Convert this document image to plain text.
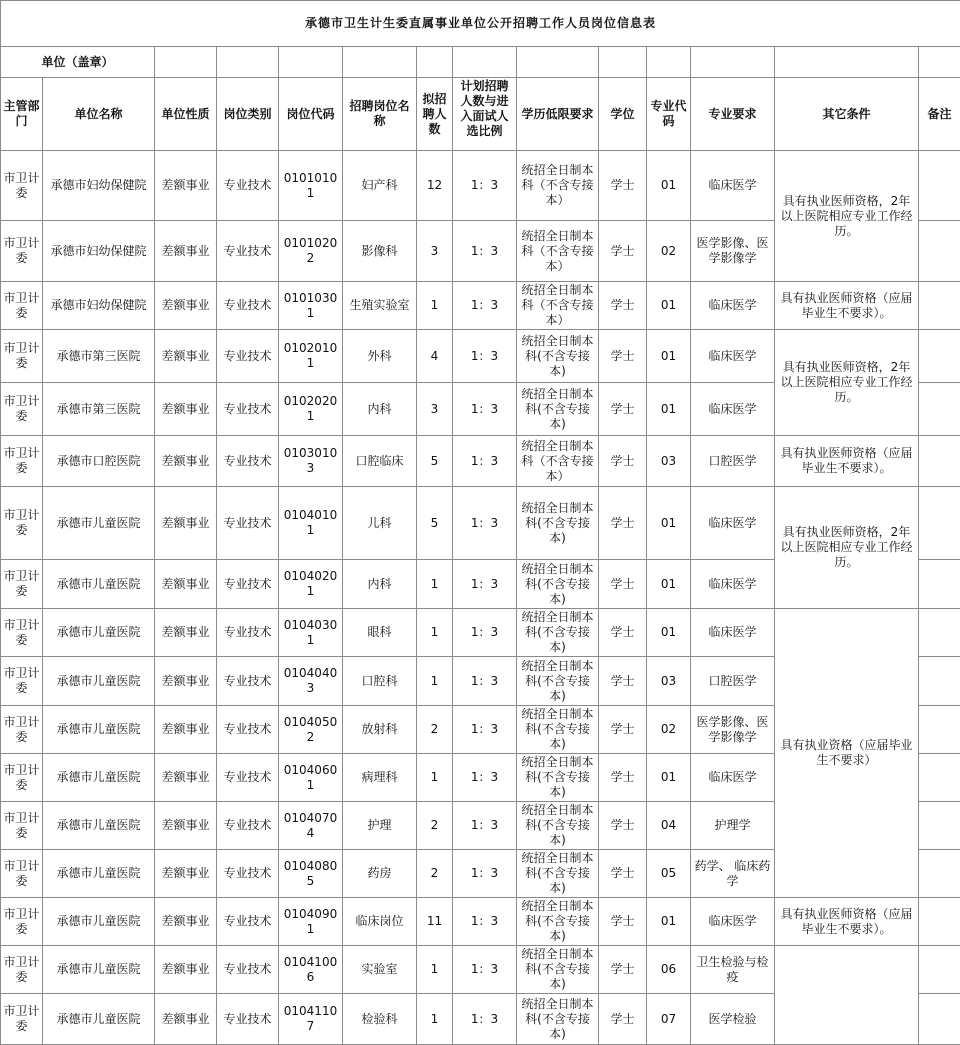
承德市卫生计生委直属事业单位公开招聘工作人员岗位信息表													
单位（盖章）													
主管部门	单位名称	单位性质	岗位类别	岗位代码	招聘岗位名称	拟招聘人数	计划招聘人数与进入面试人选比例	学历低限要求	学位	专业代码	专业要求	其它条件	备注
市卫计委	承德市妇幼保健院	差额事业	专业技术	01010101	妇产科	12	1：3	统招全日制本科（不含专接本）	学士	01	临床医学	具有执业医师资格，2年以上医院相应专业工作经历。	
市卫计委	承德市妇幼保健院	差额事业	专业技术	01010202	影像科	3	1：3	统招全日制本科（不含专接本）	学士	02	医学影像、医学影像学		
市卫计委	承德市妇幼保健院	差额事业	专业技术	01010301	生殖实验室	1	1：3	统招全日制本科（不含专接本）	学士	01	临床医学	具有执业医师资格（应届毕业生不要求）。	
市卫计委	承德市第三医院	差额事业	专业技术	01020101	外科	4	1：3	统招全日制本科(不含专接本)	学士	01	临床医学	具有执业医师资格，2年以上医院相应专业工作经历。	
市卫计委	承德市第三医院	差额事业	专业技术	01020201	内科	3	1：3	统招全日制本科(不含专接本)	学士	01	临床医学		
市卫计委	承德市口腔医院	差额事业	专业技术	01030103	口腔临床	5	1：3	统招全日制本科（不含专接本）	学士	03	口腔医学	具有执业医师资格（应届毕业生不要求）。	
市卫计委	承德市儿童医院	差额事业	专业技术	01040101	儿科	5	1：3	统招全日制本科(不含专接本)	学士	01	临床医学	具有执业医师资格，2年以上医院相应专业工作经历。	
市卫计委	承德市儿童医院	差额事业	专业技术	01040201	内科	1	1：3	统招全日制本科(不含专接本)	学士	01	临床医学		
市卫计委	承德市儿童医院	差额事业	专业技术	01040301	眼科	1	1：3	统招全日制本科(不含专接本)	学士	01	临床医学	具有执业资格（应届毕业生不要求）	
市卫计委	承德市儿童医院	差额事业	专业技术	01040403	口腔科	1	1：3	统招全日制本科(不含专接本)	学士	03	口腔医学		
市卫计委	承德市儿童医院	差额事业	专业技术	01040502	放射科	2	1：3	统招全日制本科(不含专接本)	学士	02	医学影像、医学影像学		
市卫计委	承德市儿童医院	差额事业	专业技术	01040601	病理科	1	1：3	统招全日制本科(不含专接本)	学士	01	临床医学		
市卫计委	承德市儿童医院	差额事业	专业技术	01040704	护理	2	1：3	统招全日制本科(不含专接本)	学士	04	护理学		
市卫计委	承德市儿童医院	差额事业	专业技术	01040805	药房	2	1：3	统招全日制本科(不含专接本)	学士	05	药学、 临床药学		
市卫计委	承德市儿童医院	差额事业	专业技术	01040901	临床岗位	11	1：3	统招全日制本科(不含专接本)	学士	01	临床医学	具有执业医师资格（应届毕业生不要求）。	
市卫计委	承德市儿童医院	差额事业	专业技术	01041006	实验室	1	1：3	统招全日制本科(不含专接本)	学士	06	卫生检验与检疫		
市卫计委	承德市儿童医院	差额事业	专业技术	01041107	检验科	1	1：3	统招全日制本科(不含专接本)	学士	07	医学检验		
